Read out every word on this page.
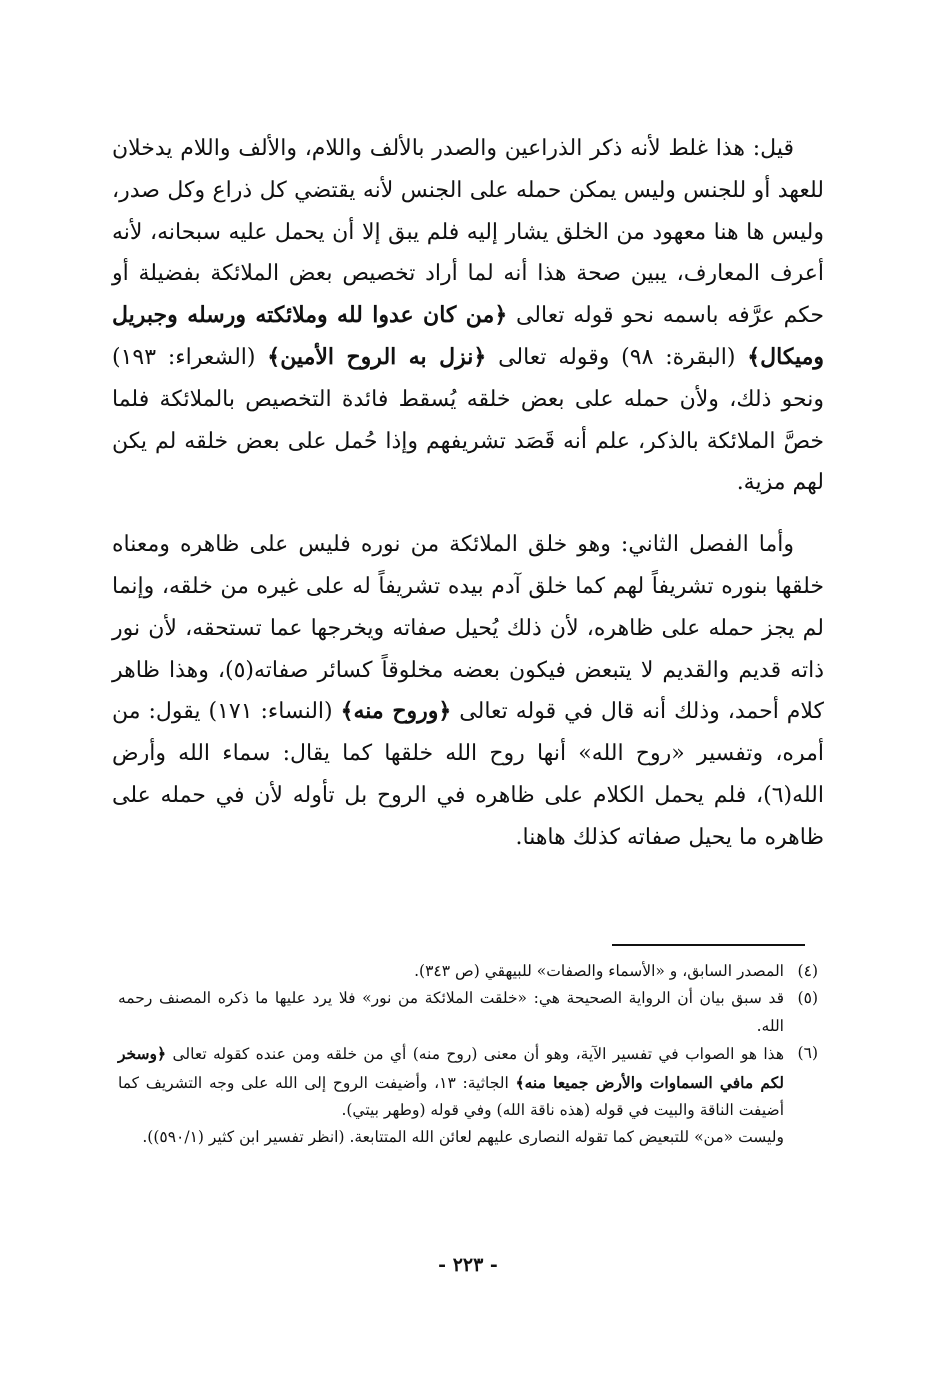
قيل: هذا غلط لأنه ذكر الذراعين والصدر بالألف واللام، والألف واللام يدخلان للعهد أو للجنس وليس يمكن حمله على الجنس لأنه يقتضي كل ذراع وكل صدر، وليس ها هنا معهود من الخلق يشار إليه فلم يبق إلا أن يحمل عليه سبحانه، لأنه أعرف المعارف، يبين صحة هذا أنه لما أراد تخصيص بعض الملائكة بفضيلة أو حكم عرَّفه باسمه نحو قوله تعالى ﴿من كان عدوا لله وملائكته ورسله وجبريل وميكال﴾ (البقرة: ٩٨) وقوله تعالى ﴿نزل به الروح الأمين﴾ (الشعراء: ١٩٣) ونحو ذلك، ولأن حمله على بعض خلقه يُسقط فائدة التخصيص بالملائكة فلما خصَّ الملائكة بالذكر، علم أنه قَصَد تشريفهم وإذا حُمل على بعض خلقه لم يكن لهم مزية.

وأما الفصل الثاني: وهو خلق الملائكة من نوره فليس على ظاهره ومعناه خلقها بنوره تشريفاً لهم كما خلق آدم بيده تشريفاً له على غيره من خلقه، وإنما لم يجز حمله على ظاهره، لأن ذلك يُحيل صفاته ويخرجها عما تستحقه، لأن نور ذاته قديم والقديم لا يتبعض فيكون بعضه مخلوقاً كسائر صفاته(٥)، وهذا ظاهر كلام أحمد، وذلك أنه قال في قوله تعالى ﴿وروح منه﴾ (النساء: ١٧١) يقول: من أمره، وتفسير «روح الله» أنها روح الله خلقها كما يقال: سماء الله وأرض الله(٦)، فلم يحمل الكلام على ظاهره في الروح بل تأوله لأن في حمله على ظاهره ما يحيل صفاته كذلك هاهنا.

(٤)
المصدر السابق، و «الأسماء والصفات» للبيهقي (ص ٣٤٣).
(٥)
قد سبق بيان أن الرواية الصحيحة هي: «خلقت الملائكة من نور» فلا يرد عليها ما ذكره المصنف رحمه الله.
(٦)
هذا هو الصواب في تفسير الآية، وهو أن معنى (روح منه) أي من خلقه ومن عنده كقوله تعالى ﴿وسخر لكم مافي السماوات والأرض جميعا منه﴾ الجاثية: ١٣، وأضيفت الروح إلى الله على وجه التشريف كما أضيفت الناقة والبيت في قوله (هذه ناقة الله) وفي قوله (وطهر بيتي).
وليست «من» للتبعيض كما تقوله النصارى عليهم لعائن الله المتتابعة. (انظر تفسير ابن كثير (٥٩٠/١)).
- ٢٢٣ -
